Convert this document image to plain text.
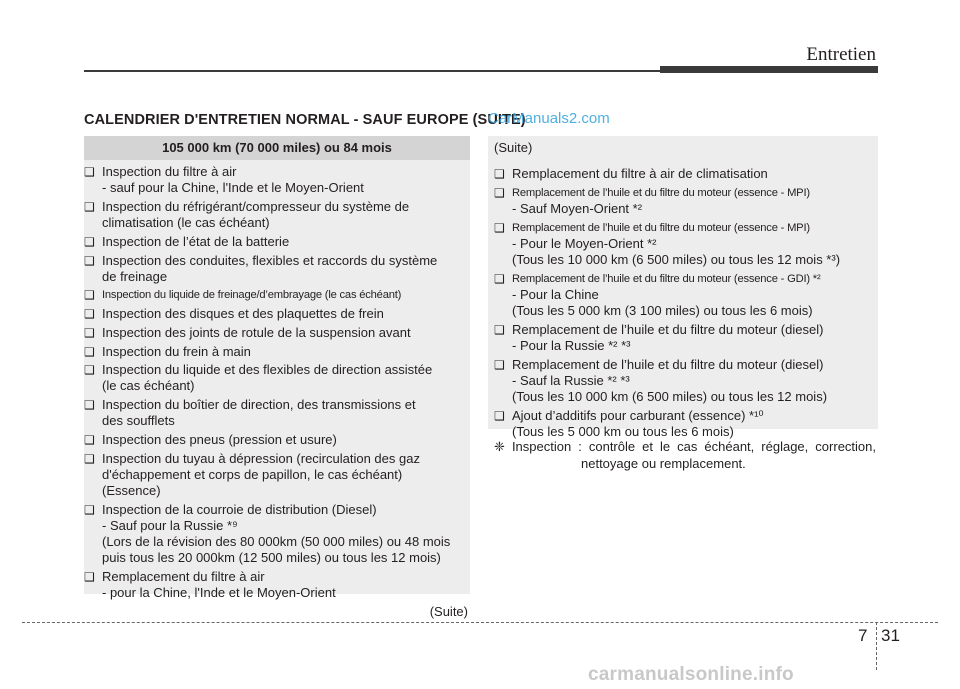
Entretien
CALENDRIER D'ENTRETIEN NORMAL - SAUF EUROPE (SUITE)
CarManuals2.com
105 000 km (70 000 miles) ou 84 mois
❑ Inspection du filtre à air
- sauf pour la Chine, l'Inde et le Moyen-Orient
❑ Inspection du réfrigérant/compresseur du système de
climatisation (le cas échéant)
❑ Inspection de l’état de la batterie
❑ Inspection des conduites, flexibles et raccords du système
de freinage
❑ Inspection du liquide de freinage/d’embrayage (le cas échéant)
❑ Inspection des disques et des plaquettes de frein
❑ Inspection des joints de rotule de la suspension avant
❑ Inspection du frein à main
❑ Inspection du liquide et des flexibles de direction assistée
(le cas échéant)
❑ Inspection du boîtier de direction, des transmissions et
des soufflets
❑ Inspection des pneus (pression et usure)
❑ Inspection du tuyau à dépression (recirculation des gaz
d'échappement et corps de papillon, le cas échéant)
(Essence)
❑ Inspection de la courroie de distribution (Diesel)
- Sauf pour la Russie *⁹
(Lors de la révision des 80 000km (50 000 miles) ou 48 mois
puis tous les 20 000km (12 500 miles) ou tous les 12 mois)
❑ Remplacement du filtre à air
- pour la Chine, l'Inde et le Moyen-Orient
(Suite)
(Suite)
❑ Remplacement du filtre à air de climatisation
❑ Remplacement de l’huile et du filtre du moteur (essence - MPI)
- Sauf Moyen-Orient *²
❑ Remplacement de l’huile et du filtre du moteur (essence - MPI)
- Pour le Moyen-Orient *²
(Tous les 10 000 km (6 500 miles) ou tous les 12 mois *³)
❑ Remplacement de l’huile et du filtre du moteur (essence - GDI) *²
- Pour la Chine
(Tous les 5 000 km (3 100 miles) ou tous les 6 mois)
❑ Remplacement de l’huile et du filtre du moteur (diesel)
- Pour la Russie *² *³
❑ Remplacement de l’huile et du filtre du moteur (diesel)
- Sauf la Russie *² *³
(Tous les 10 000 km (6 500 miles) ou tous les 12 mois)
❑ Ajout d’additifs pour carburant (essence) *¹⁰
(Tous les 5 000 km ou tous les 6 mois)
❈ Inspection : contrôle et le cas échéant, réglage, correction,
nettoyage ou remplacement.
7 31
carmanualsonline.info
